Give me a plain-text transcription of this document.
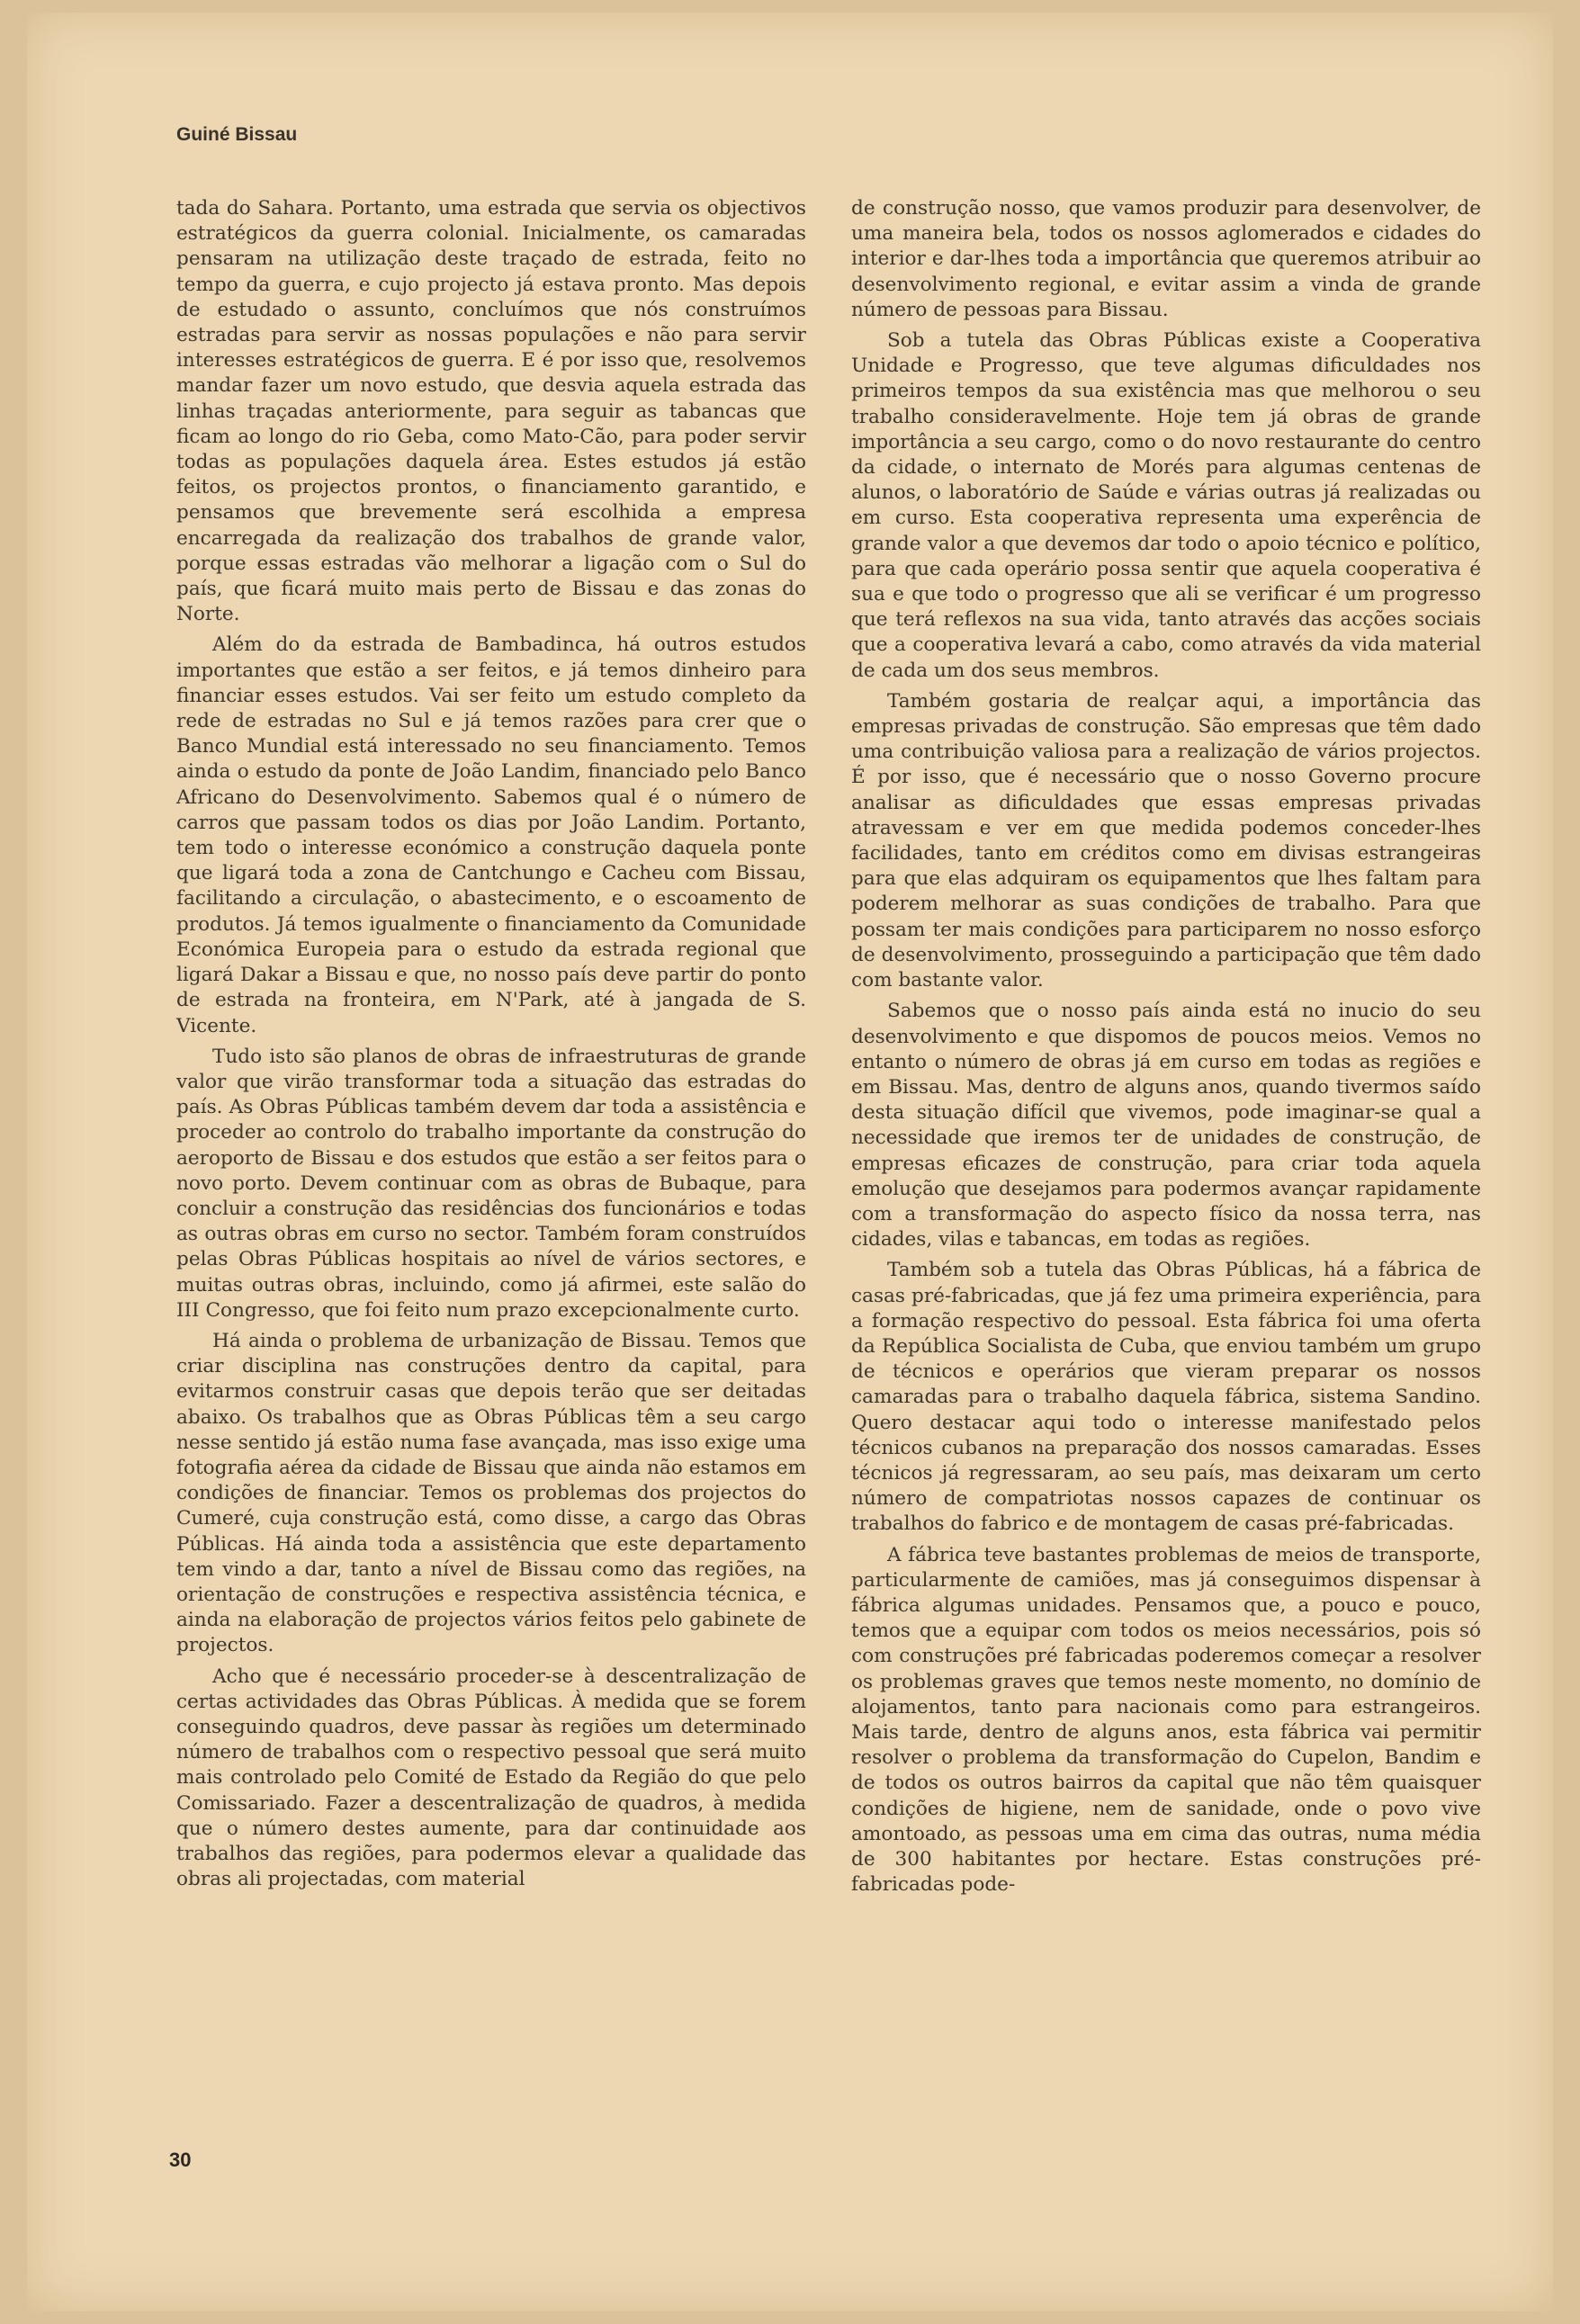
Guiné Bissau

tada do Sahara. Portanto, uma estrada que servia os objectivos estratégicos da guerra colonial. Inicialmente, os camaradas pensaram na utilização deste traçado de estrada, feito no tempo da guerra, e cujo projecto já estava pronto. Mas depois de estudado o assunto, concluímos que nós construímos estradas para servir as nossas populações e não para servir interesses estratégicos de guerra. E é por isso que, resolvemos mandar fazer um novo estudo, que desvia aquela estrada das linhas traçadas anteriormente, para seguir as tabancas que ficam ao longo do rio Geba, como Mato-Cão, para poder servir todas as populações daquela área. Estes estudos já estão feitos, os projectos prontos, o financiamento garantido, e pensamos que brevemente será escolhida a empresa encarregada da realização dos trabalhos de grande valor, porque essas estradas vão melhorar a ligação com o Sul do país, que ficará muito mais perto de Bissau e das zonas do Norte.

Além do da estrada de Bambadinca, há outros estudos importantes que estão a ser feitos, e já temos dinheiro para financiar esses estudos. Vai ser feito um estudo completo da rede de estradas no Sul e já temos razões para crer que o Banco Mundial está interessado no seu financiamento. Temos ainda o estudo da ponte de João Landim, financiado pelo Banco Africano do Desenvolvimento. Sabemos qual é o número de carros que passam todos os dias por João Landim. Portanto, tem todo o interesse económico a construção daquela ponte que ligará toda a zona de Cantchungo e Cacheu com Bissau, facilitando a circulação, o abastecimento, e o escoamento de produtos. Já temos igualmente o financiamento da Comunidade Económica Europeia para o estudo da estrada regional que ligará Dakar a Bissau e que, no nosso país deve partir do ponto de estrada na fronteira, em N'Park, até à jangada de S. Vicente.

Tudo isto são planos de obras de infraestruturas de grande valor que virão transformar toda a situação das estradas do país. As Obras Públicas também devem dar toda a assistência e proceder ao controlo do trabalho importante da construção do aeroporto de Bissau e dos estudos que estão a ser feitos para o novo porto. Devem continuar com as obras de Bubaque, para concluir a construção das residências dos funcionários e todas as outras obras em curso no sector. Também foram construídos pelas Obras Públicas hospitais ao nível de vários sectores, e muitas outras obras, incluindo, como já afirmei, este salão do III Congresso, que foi feito num prazo excepcionalmente curto.

Há ainda o problema de urbanização de Bissau. Temos que criar disciplina nas construções dentro da capital, para evitarmos construir casas que depois terão que ser deitadas abaixo. Os trabalhos que as Obras Públicas têm a seu cargo nesse sentido já estão numa fase avançada, mas isso exige uma fotografia aérea da cidade de Bissau que ainda não estamos em condições de financiar. Temos os problemas dos projectos do Cumeré, cuja construção está, como disse, a cargo das Obras Públicas. Há ainda toda a assistência que este departamento tem vindo a dar, tanto a nível de Bissau como das regiões, na orientação de construções e respectiva assistência técnica, e ainda na elaboração de projectos vários feitos pelo gabinete de projectos.

Acho que é necessário proceder-se à descentralização de certas actividades das Obras Públicas. À medida que se forem conseguindo quadros, deve passar às regiões um determinado número de trabalhos com o respectivo pessoal que será muito mais controlado pelo Comité de Estado da Região do que pelo Comissariado. Fazer a descentralização de quadros, à medida que o número destes aumente, para dar continuidade aos trabalhos das regiões, para podermos elevar a qualidade das obras ali projectadas, com material

de construção nosso, que vamos produzir para desenvolver, de uma maneira bela, todos os nossos aglomerados e cidades do interior e dar-lhes toda a importância que queremos atribuir ao desenvolvimento regional, e evitar assim a vinda de grande número de pessoas para Bissau.

Sob a tutela das Obras Públicas existe a Cooperativa Unidade e Progresso, que teve algumas dificuldades nos primeiros tempos da sua existência mas que melhorou o seu trabalho consideravelmente. Hoje tem já obras de grande importância a seu cargo, como o do novo restaurante do centro da cidade, o internato de Morés para algumas centenas de alunos, o laboratório de Saúde e várias outras já realizadas ou em curso. Esta cooperativa representa uma experência de grande valor a que devemos dar todo o apoio técnico e político, para que cada operário possa sentir que aquela cooperativa é sua e que todo o progresso que ali se verificar é um progresso que terá reflexos na sua vida, tanto através das acções sociais que a cooperativa levará a cabo, como através da vida material de cada um dos seus membros.

Também gostaria de realçar aqui, a importância das empresas privadas de construção. São empresas que têm dado uma contribuição valiosa para a realização de vários projectos. É por isso, que é necessário que o nosso Governo procure analisar as dificuldades que essas empresas privadas atravessam e ver em que medida podemos conceder-lhes facilidades, tanto em créditos como em divisas estrangeiras para que elas adquiram os equipamentos que lhes faltam para poderem melhorar as suas condições de trabalho. Para que possam ter mais condições para participarem no nosso esforço de desenvolvimento, prosseguindo a participação que têm dado com bastante valor.

Sabemos que o nosso país ainda está no inucio do seu desenvolvimento e que dispomos de poucos meios. Vemos no entanto o número de obras já em curso em todas as regiões e em Bissau. Mas, dentro de alguns anos, quando tivermos saído desta situação difícil que vivemos, pode imaginar-se qual a necessidade que iremos ter de unidades de construção, de empresas eficazes de construção, para criar toda aquela emolução que desejamos para podermos avançar rapidamente com a transformação do aspecto físico da nossa terra, nas cidades, vilas e tabancas, em todas as regiões.

Também sob a tutela das Obras Públicas, há a fábrica de casas pré-fabricadas, que já fez uma primeira experiência, para a formação respectivo do pessoal. Esta fábrica foi uma oferta da República Socialista de Cuba, que enviou também um grupo de técnicos e operários que vieram preparar os nossos camaradas para o trabalho daquela fábrica, sistema Sandino. Quero destacar aqui todo o interesse manifestado pelos técnicos cubanos na preparação dos nossos camaradas. Esses técnicos já regressaram, ao seu país, mas deixaram um certo número de compatriotas nossos capazes de continuar os trabalhos do fabrico e de montagem de casas pré-fabricadas.

A fábrica teve bastantes problemas de meios de transporte, particularmente de camiões, mas já conseguimos dispensar à fábrica algumas unidades. Pensamos que, a pouco e pouco, temos que a equipar com todos os meios necessários, pois só com construções pré fabricadas poderemos começar a resolver os problemas graves que temos neste momento, no domínio de alojamentos, tanto para nacionais como para estrangeiros. Mais tarde, dentro de alguns anos, esta fábrica vai permitir resolver o problema da transformação do Cupelon, Bandim e de todos os outros bairros da capital que não têm quaisquer condições de higiene, nem de sanidade, onde o povo vive amontoado, as pessoas uma em cima das outras, numa média de 300 habitantes por hectare. Estas construções pré-fabricadas pode-

30
